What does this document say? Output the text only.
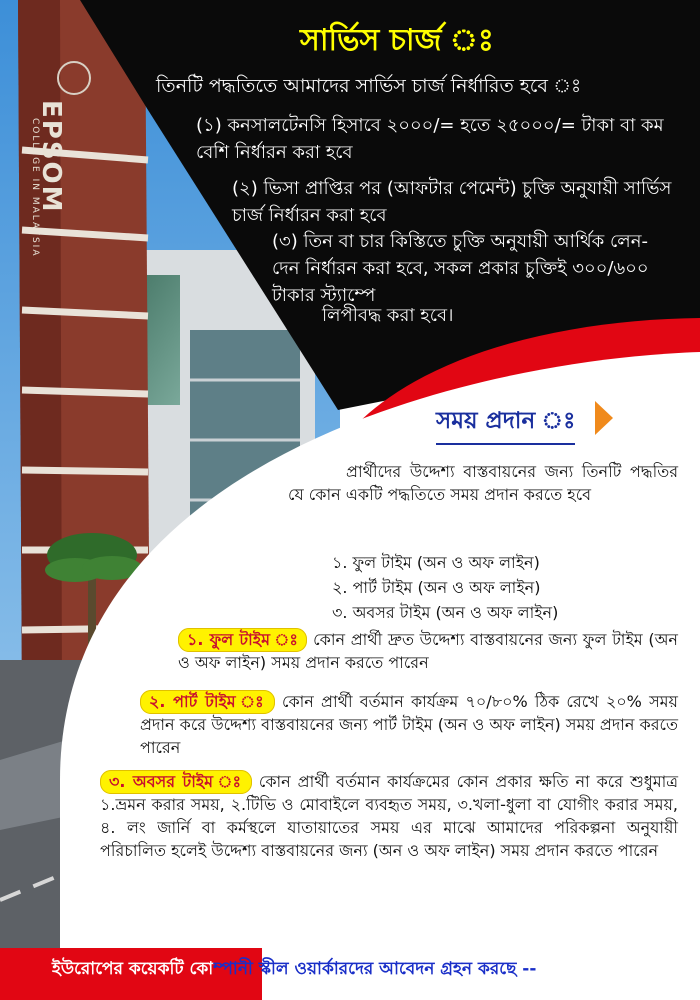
EPSOM
COLLEGE IN MALAYSIA
সার্ভিস চার্জ ঃ

তিনটি পদ্ধতিতে আমাদের সার্ভিস চার্জ নির্ধারিত হবে ঃ

(১) কনসালটেনসি হিসাবে ২০০০/= হতে ২৫০০০/= টাকা বা কম বেশি নির্ধারন করা হবে

(২) ভিসা প্রাপ্তির পর (আফটার পেমেন্ট) চুক্তি অনুযায়ী সার্ভিস চার্জ নির্ধারন করা হবে

(৩) তিন বা চার কিস্তিতে চুক্তি অনুযায়ী আর্থিক লেন-দেন নির্ধারন করা হবে, সকল প্রকার চুক্তিই ৩০০/৬০০ টাকার স্ট্যাম্পে

লিপীবদ্ধ করা হবে।

সময় প্রদান ঃ

প্রার্থীদের উদ্দেশ্য বাস্তবায়নের জন্য তিনটি পদ্ধতির যে কোন একটি পদ্ধতিতে সময় প্রদান করতে হবে

১. ফুল টাইম (অন ও অফ লাইন)
২. পার্ট টাইম (অন ও অফ লাইন)
৩. অবসর টাইম (অন ও অফ লাইন)

১. ফুল টাইম ঃ কোন প্রার্থী দ্রুত উদ্দেশ্য বাস্তবায়নের জন্য ফুল টাইম (অন ও অফ লাইন) সময় প্রদান করতে পারেন

২. পার্ট টাইম ঃ কোন প্রার্থী বর্তমান কার্যক্রম ৭০/৮০% ঠিক রেখে ২০% সময় প্রদান করে উদ্দেশ্য বাস্তবায়নের জন্য পার্ট টাইম (অন ও অফ লাইন) সময় প্রদান করতে পারেন

৩. অবসর টাইম ঃ কোন প্রার্থী বর্তমান কার্যক্রমের কোন প্রকার ক্ষতি না করে শুধুমাত্র ১.ভ্রমন করার সময়, ২.টিভি ও মোবাইলে ব্যবহৃত সময়, ৩.খলা-ধুলা বা যোগীং করার সময়, ৪. লং জার্নি বা কর্মস্থলে যাতায়াতের সময় এর মাঝে আমাদের পরিকল্পনা অনুযায়ী পরিচালিত হলেই উদ্দেশ্য বাস্তবায়নের জন্য (অন ও অফ লাইন) সময় প্রদান করতে পারেন

ইউরোপের কয়েকটি কোম্পানী স্কীল ওয়ার্কারদের আবেদন গ্রহন করছে --
